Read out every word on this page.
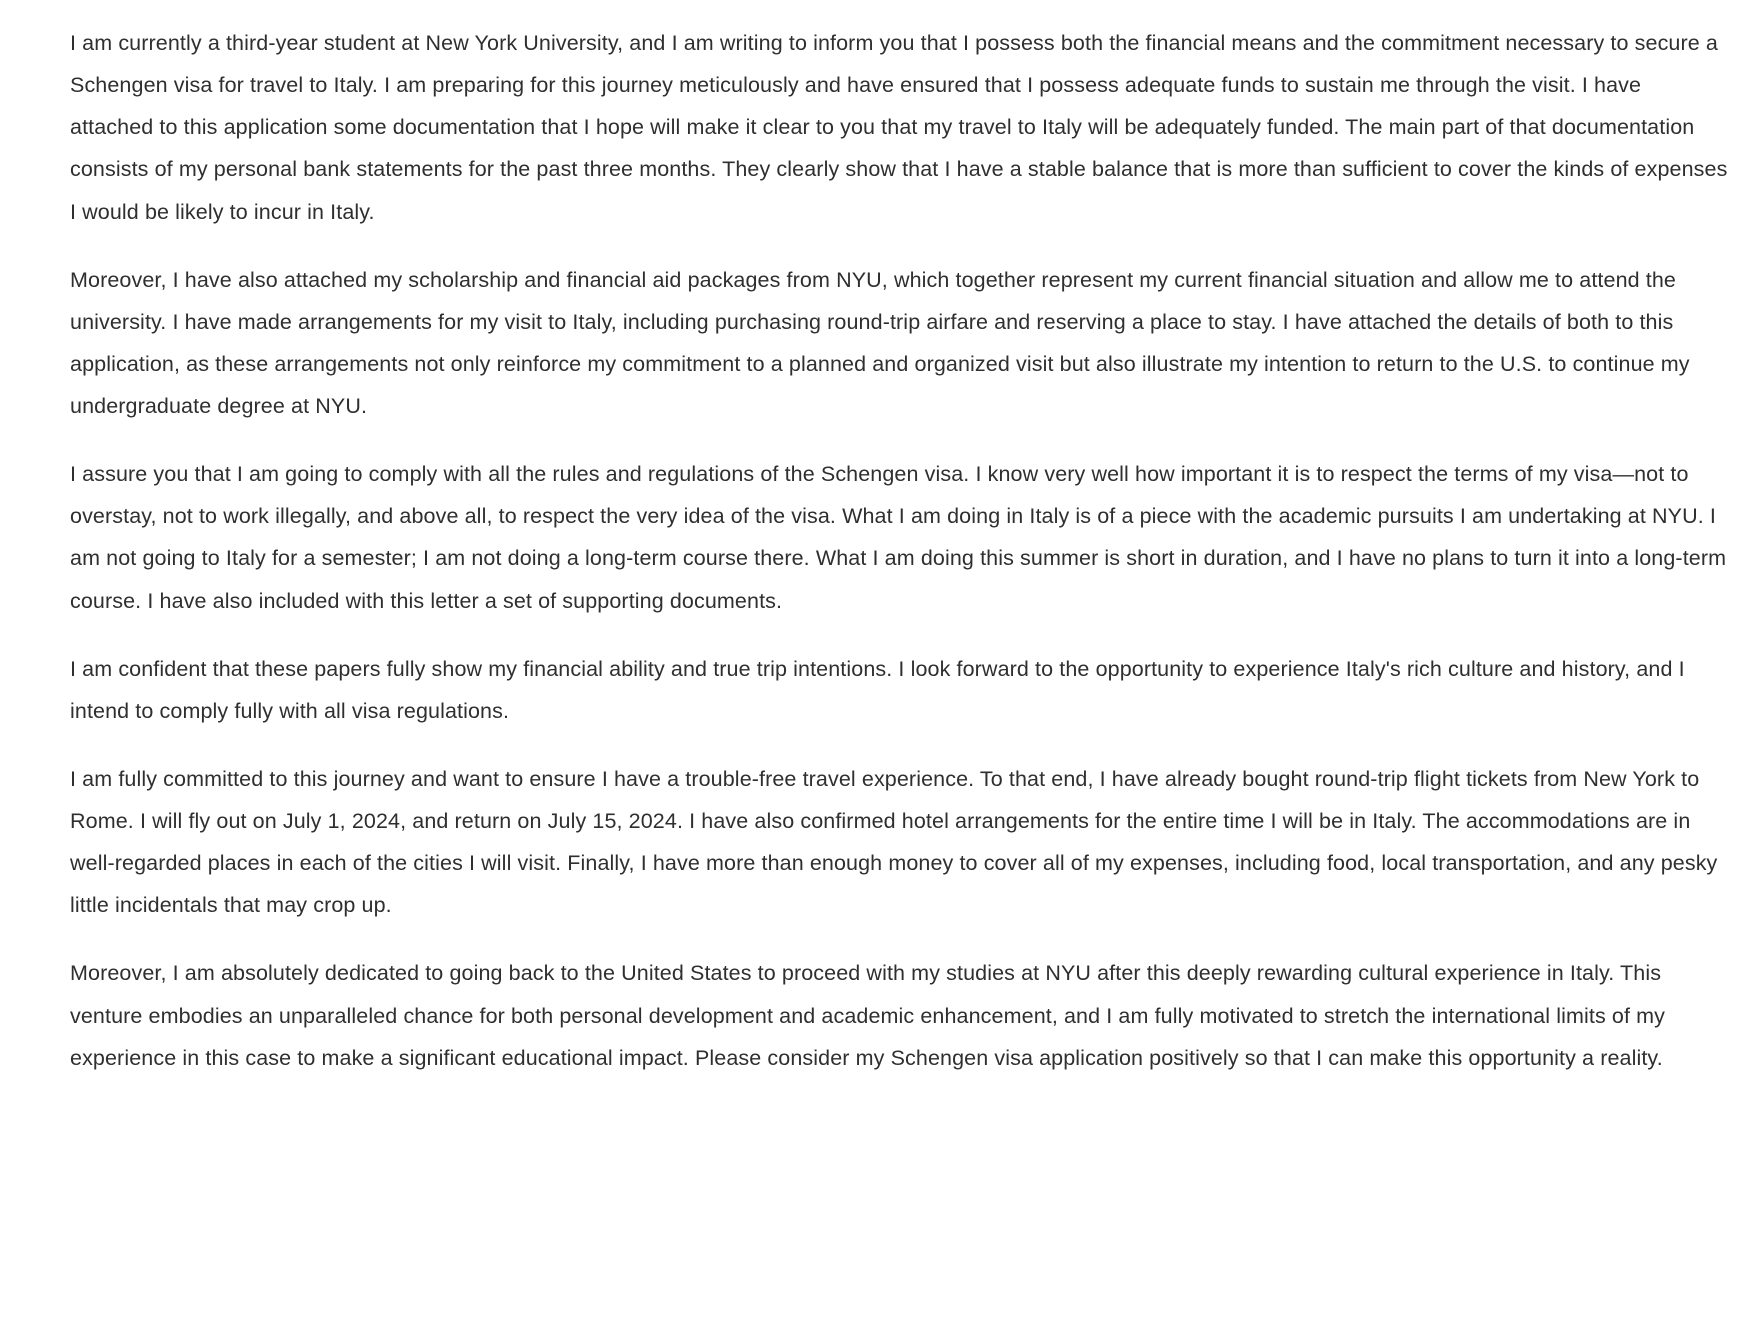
I am currently a third-year student at New York University, and I am writing to inform you that I possess both the financial means and the commitment necessary to secure a Schengen visa for travel to Italy. I am preparing for this journey meticulously and have ensured that I possess adequate funds to sustain me through the visit. I have attached to this application some documentation that I hope will make it clear to you that my travel to Italy will be adequately funded. The main part of that documentation consists of my personal bank statements for the past three months. They clearly show that I have a stable balance that is more than sufficient to cover the kinds of expenses I would be likely to incur in Italy.

Moreover, I have also attached my scholarship and financial aid packages from NYU, which together represent my current financial situation and allow me to attend the university. I have made arrangements for my visit to Italy, including purchasing round-trip airfare and reserving a place to stay. I have attached the details of both to this application, as these arrangements not only reinforce my commitment to a planned and organized visit but also illustrate my intention to return to the U.S. to continue my undergraduate degree at NYU.

I assure you that I am going to comply with all the rules and regulations of the Schengen visa. I know very well how important it is to respect the terms of my visa—not to overstay, not to work illegally, and above all, to respect the very idea of the visa. What I am doing in Italy is of a piece with the academic pursuits I am undertaking at NYU. I am not going to Italy for a semester; I am not doing a long-term course there. What I am doing this summer is short in duration, and I have no plans to turn it into a long-term course. I have also included with this letter a set of supporting documents.

I am confident that these papers fully show my financial ability and true trip intentions. I look forward to the opportunity to experience Italy's rich culture and history, and I intend to comply fully with all visa regulations.

I am fully committed to this journey and want to ensure I have a trouble-free travel experience. To that end, I have already bought round-trip flight tickets from New York to Rome. I will fly out on July 1, 2024, and return on July 15, 2024. I have also confirmed hotel arrangements for the entire time I will be in Italy. The accommodations are in well-regarded places in each of the cities I will visit. Finally, I have more than enough money to cover all of my expenses, including food, local transportation, and any pesky little incidentals that may crop up.

Moreover, I am absolutely dedicated to going back to the United States to proceed with my studies at NYU after this deeply rewarding cultural experience in Italy. This venture embodies an unparalleled chance for both personal development and academic enhancement, and I am fully motivated to stretch the international limits of my experience in this case to make a significant educational impact. Please consider my Schengen visa application positively so that I can make this opportunity a reality.
